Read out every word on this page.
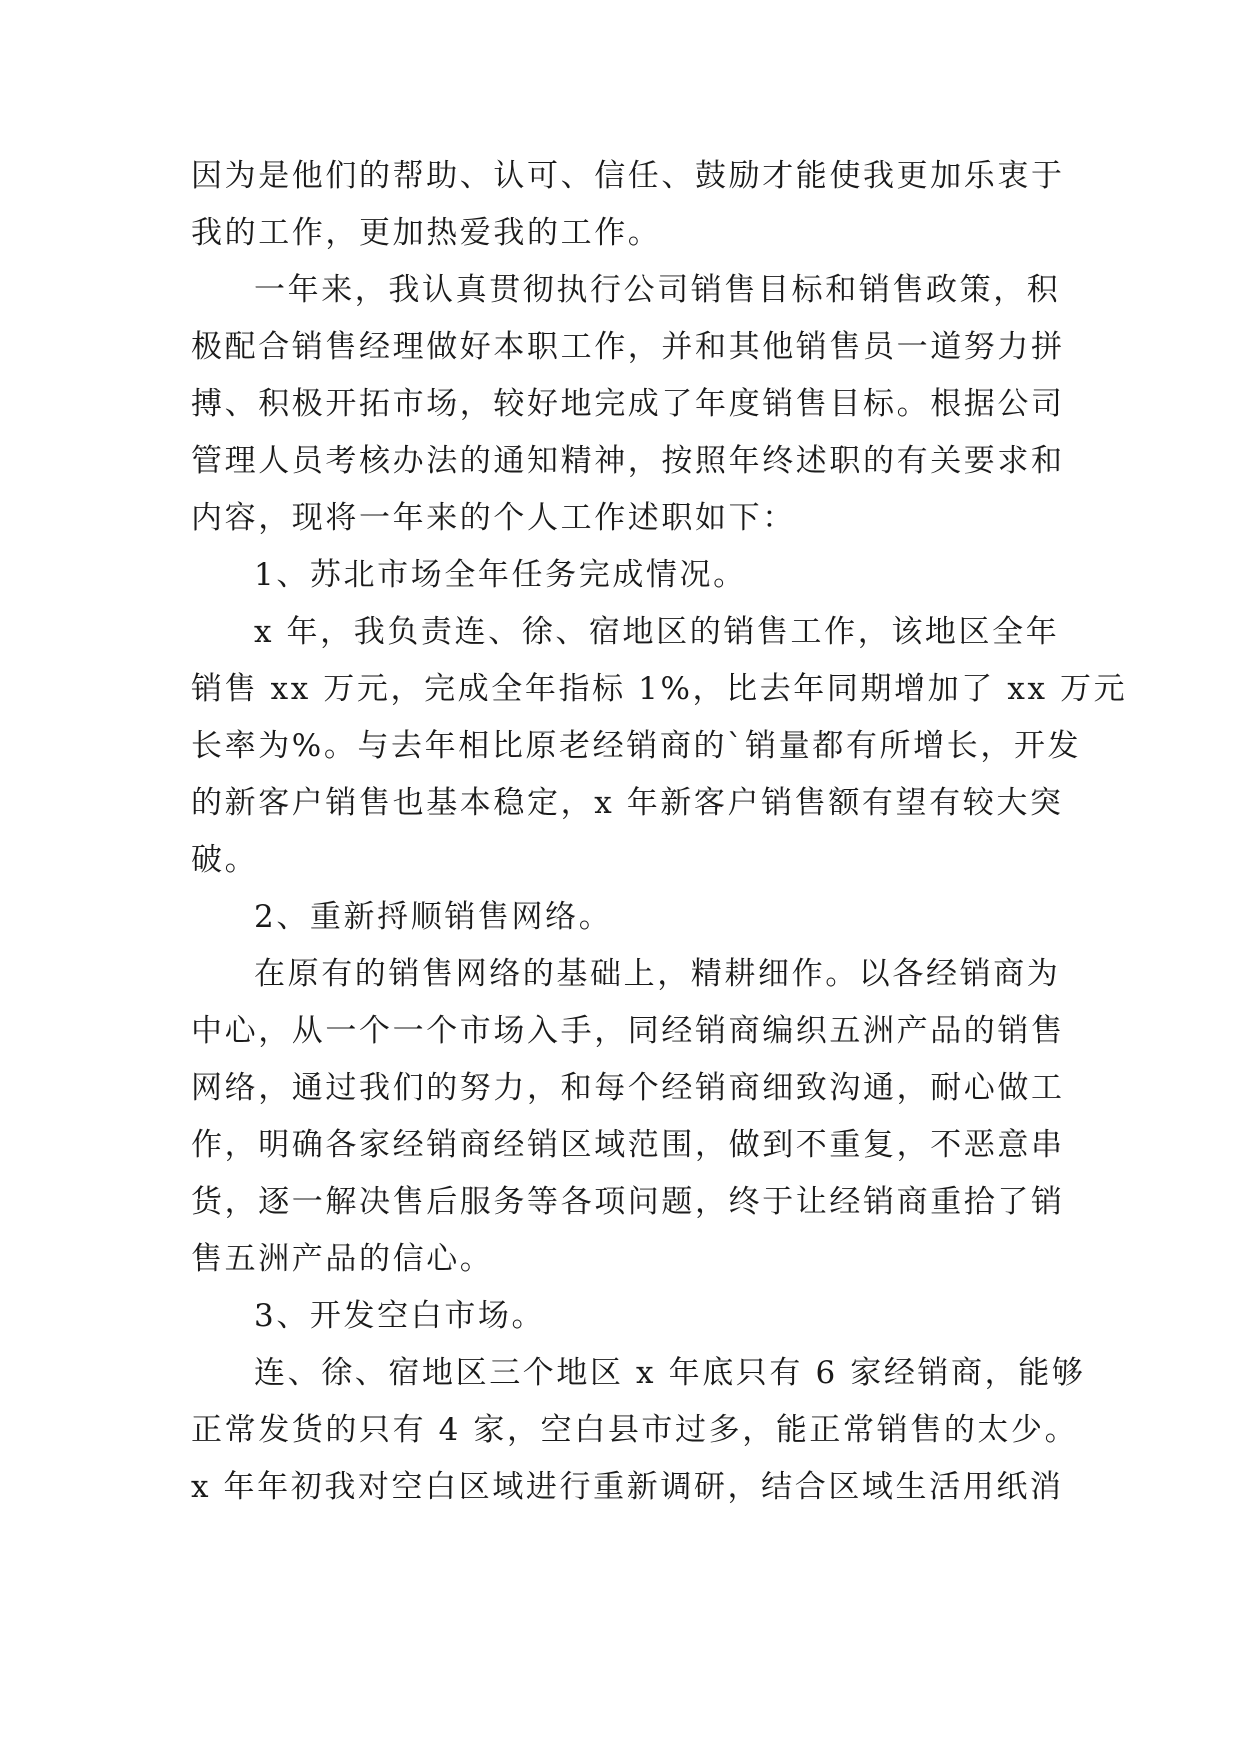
因为是他们的帮助、认可、信任、鼓励才能使我更加乐衷于
我的工作，更加热爱我的工作。
一年来，我认真贯彻执行公司销售目标和销售政策，积
极配合销售经理做好本职工作，并和其他销售员一道努力拼
搏、积极开拓市场，较好地完成了年度销售目标。根据公司
管理人员考核办法的通知精神，按照年终述职的有关要求和
内容，现将一年来的个人工作述职如下：
1、苏北市场全年任务完成情况。
x 年，我负责连、徐、宿地区的销售工作，该地区全年
销售 xx 万元，完成全年指标 1%，比去年同期增加了 xx 万元
长率为%。与去年相比原老经销商的`销量都有所增长，开发
的新客户销售也基本稳定，x 年新客户销售额有望有较大突
破。
2、重新捋顺销售网络。
在原有的销售网络的基础上，精耕细作。以各经销商为
中心，从一个一个市场入手，同经销商编织五洲产品的销售
网络，通过我们的努力，和每个经销商细致沟通，耐心做工
作，明确各家经销商经销区域范围，做到不重复，不恶意串
货，逐一解决售后服务等各项问题，终于让经销商重拾了销
售五洲产品的信心。
3、开发空白市场。
连、徐、宿地区三个地区 x 年底只有 6 家经销商，能够
正常发货的只有 4 家，空白县市过多，能正常销售的太少。
x 年年初我对空白区域进行重新调研，结合区域生活用纸消
